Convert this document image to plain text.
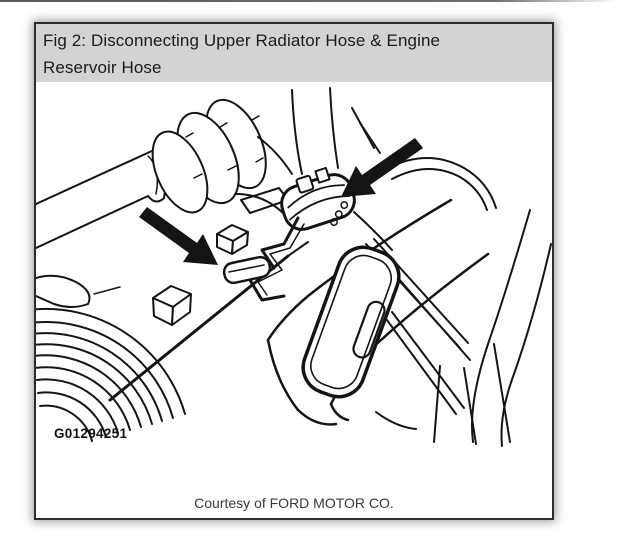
Fig 2: Disconnecting Upper Radiator Hose & Engine
Reservoir Hose
G01294251
Courtesy of FORD MOTOR CO.
